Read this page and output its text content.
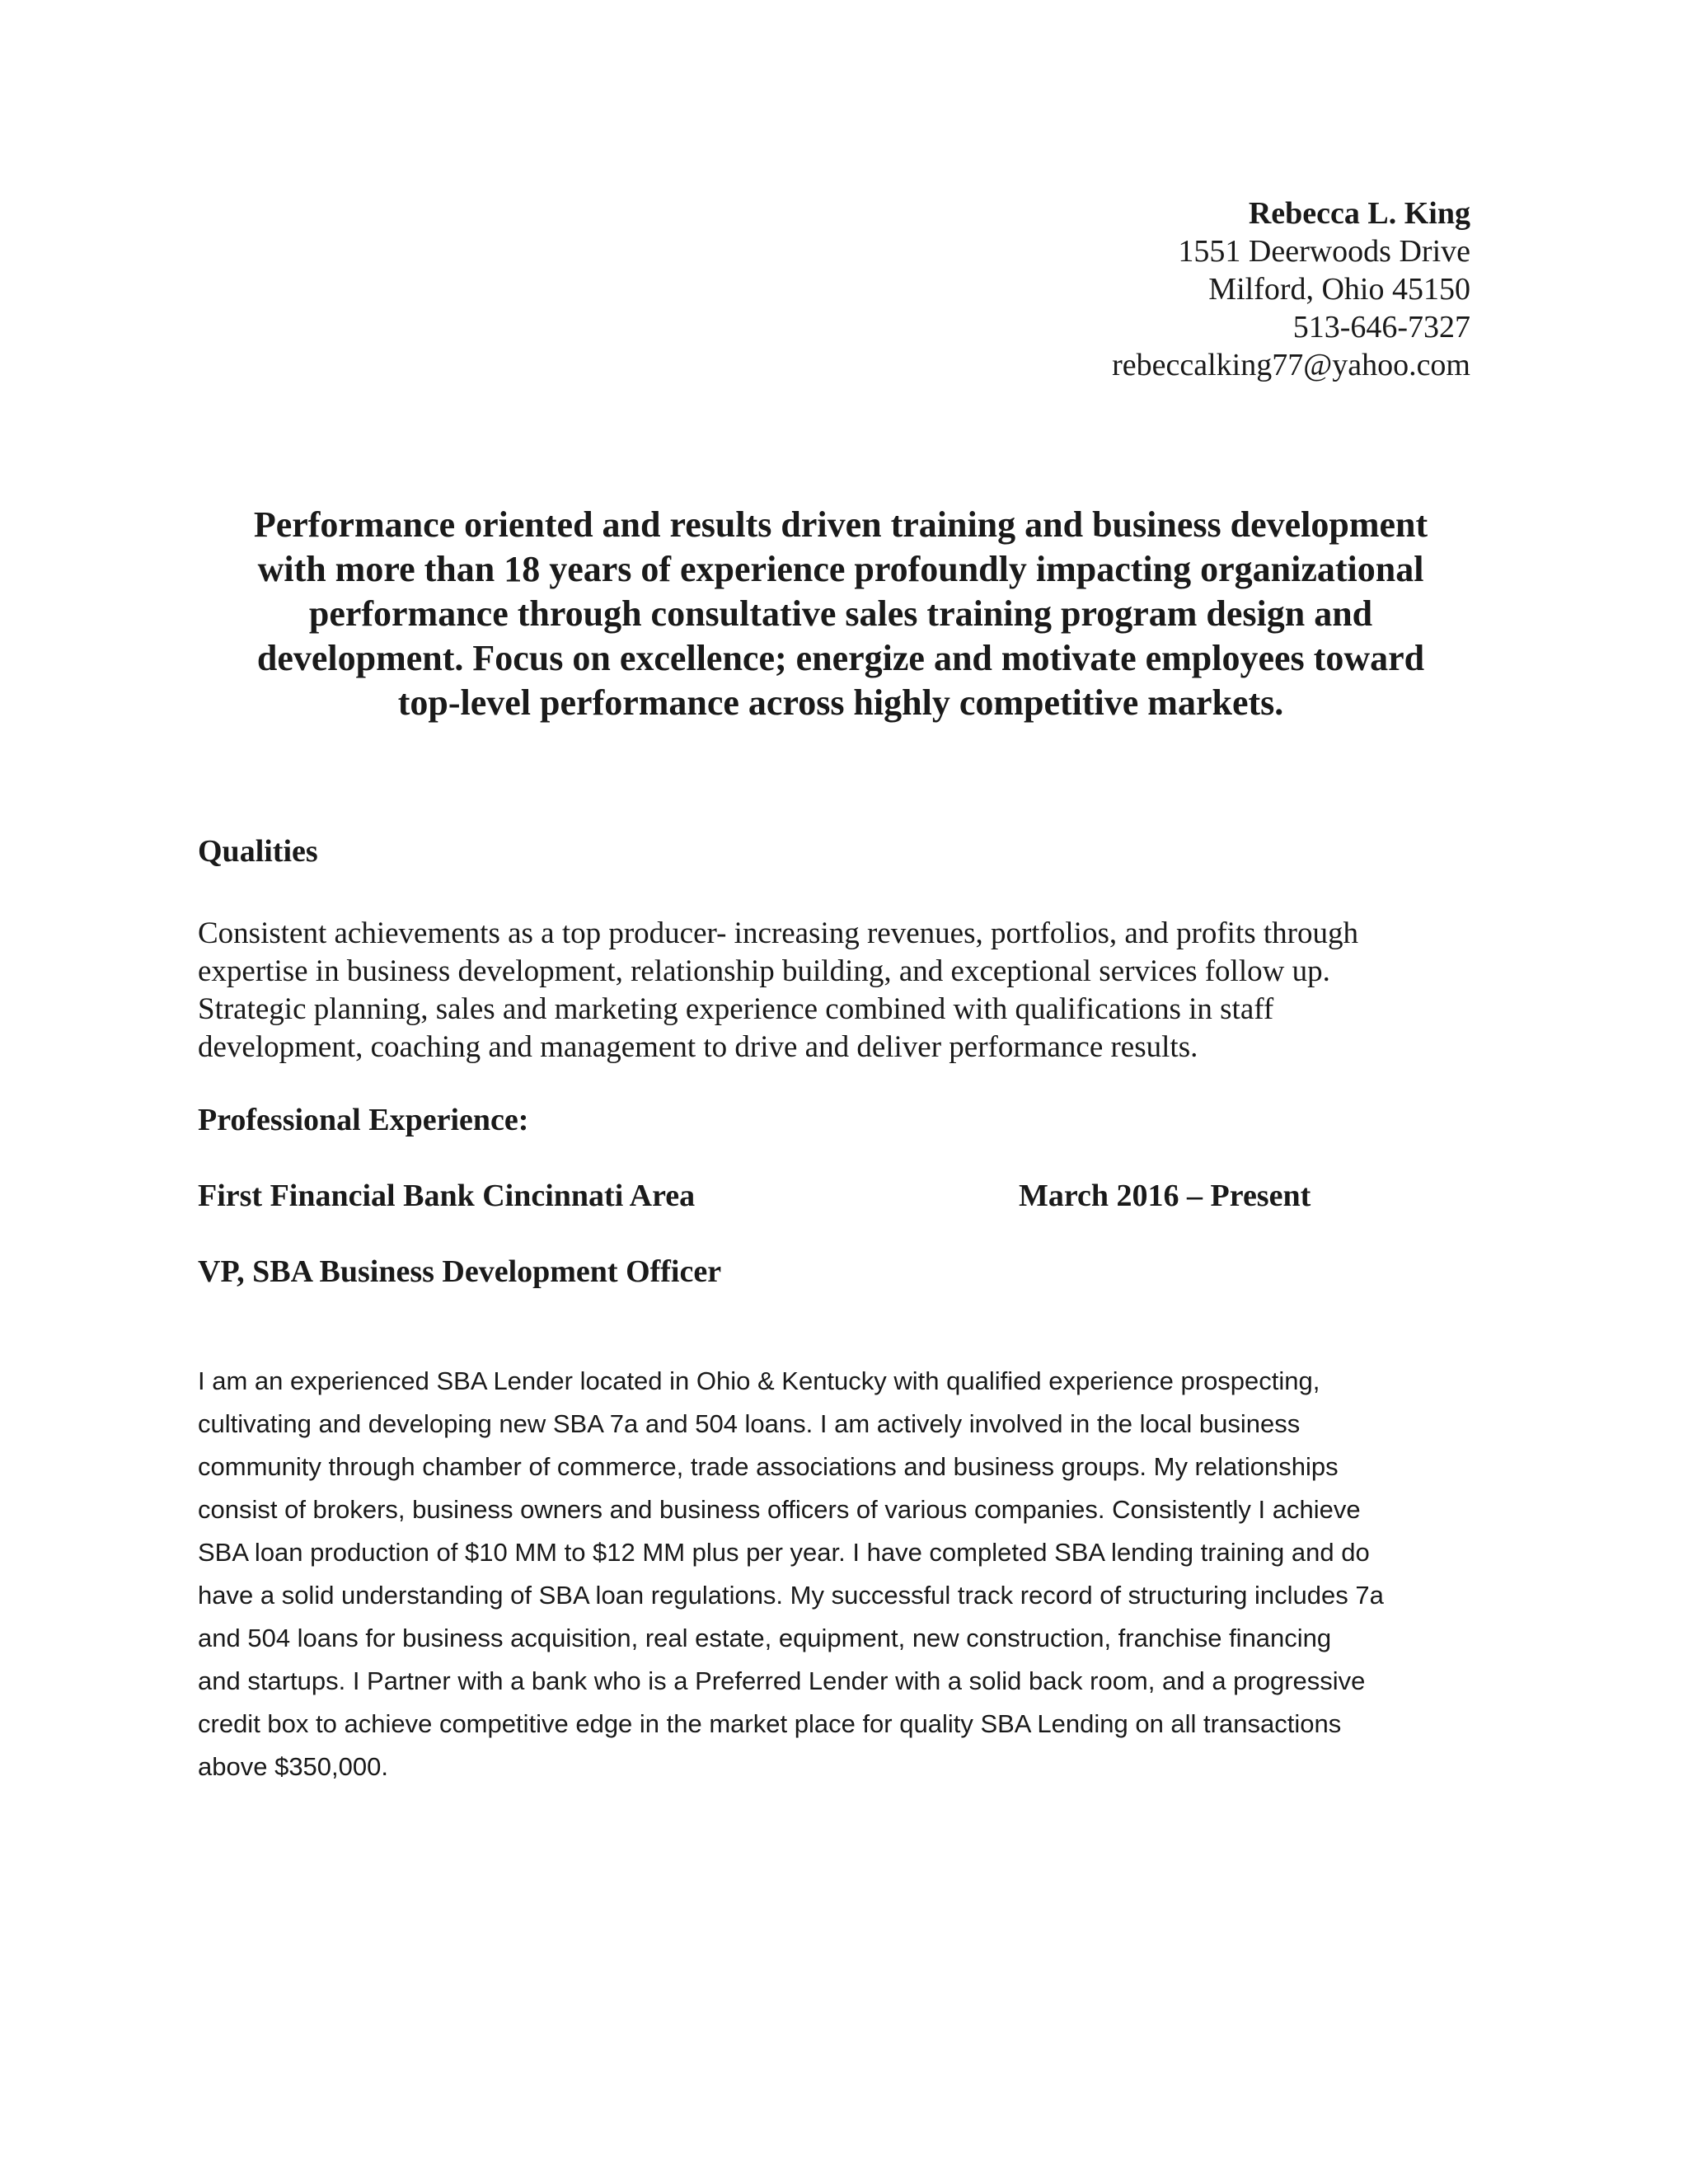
Rebecca L. King
1551 Deerwoods Drive
Milford, Ohio 45150
513-646-7327
rebeccalking77@yahoo.com

Performance oriented and results driven training and business development

with more than 18 years of experience profoundly impacting organizational

performance through consultative sales training program design and

development. Focus on excellence; energize and motivate employees toward

top-level performance across highly competitive markets.

Qualities

Consistent achievements as a top producer- increasing revenues, portfolios, and profits through

expertise in business development, relationship building, and exceptional services follow up.

Strategic planning, sales and marketing experience combined with qualifications in staff

development, coaching and management to drive and deliver performance results.

Professional Experience:
First Financial Bank Cincinnati Area	March 2016 – Present
VP, SBA Business Development Officer

I am an experienced SBA Lender located in Ohio & Kentucky with qualified experience prospecting,

cultivating and developing new SBA 7a and 504 loans. I am actively involved in the local business

community through chamber of commerce, trade associations and business groups. My relationships

consist of brokers, business owners and business officers of various companies. Consistently I achieve

SBA loan production of $10 MM to $12 MM plus per year. I have completed SBA lending training and do

have a solid understanding of SBA loan regulations. My successful track record of structuring includes 7a

and 504 loans for business acquisition, real estate, equipment, new construction, franchise financing

and startups. I Partner with a bank who is a Preferred Lender with a solid back room, and a progressive

credit box to achieve competitive edge in the market place for quality SBA Lending on all transactions

above $350,000.
